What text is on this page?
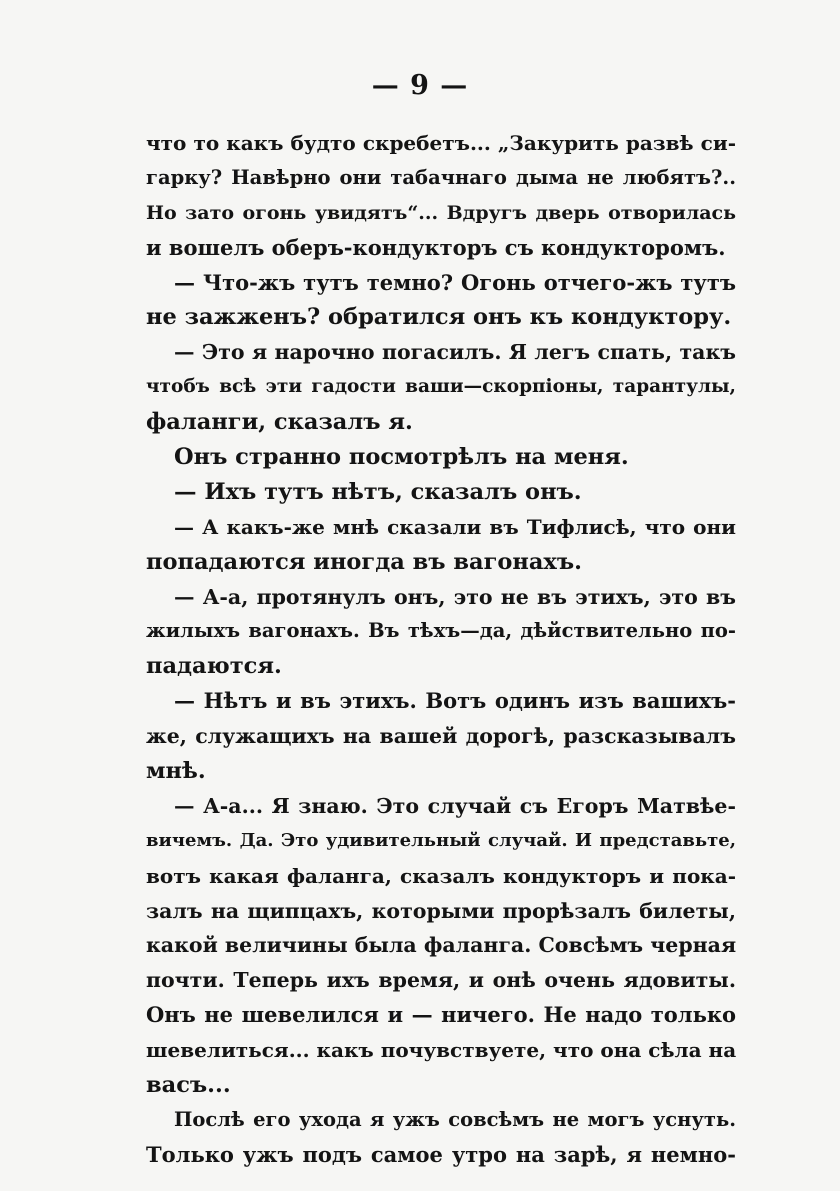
— 9 —
что то какъ будто скребетъ... „Закурить развѣ си-
гарку? Навѣрно они табачнаго дыма не любятъ?..
Но зато огонь увидятъ“... Вдругъ дверь отворилась
и вошелъ оберъ-кондукторъ съ кондукторомъ.
— Что-жъ тутъ темно? Огонь отчего-жъ тутъ
не зажженъ? обратился онъ къ кондуктору.
— Это я нарочно погасилъ. Я легъ спать, такъ
чтобъ всѣ эти гадости ваши—скорпіоны, тарантулы,
фаланги, сказалъ я.
Онъ странно посмотрѣлъ на меня.
— Ихъ тутъ нѣтъ, сказалъ онъ.
— А какъ-же мнѣ сказали въ Тифлисѣ, что они
попадаются иногда въ вагонахъ.
— А-а, протянулъ онъ, это не въ этихъ, это въ
жилыхъ вагонахъ. Въ тѣхъ—да, дѣйствительно по-
падаются.
— Нѣтъ и въ этихъ. Вотъ одинъ изъ вашихъ-
же, служащихъ на вашей дорогѣ, разсказывалъ
мнѣ.
— А-а... Я знаю. Это случай съ Егоръ Матвѣе-
вичемъ. Да. Это удивительный случай. И представьте,
вотъ какая фаланга, сказалъ кондукторъ и пока-
залъ на щипцахъ, которыми прорѣзалъ билеты,
какой величины была фаланга. Совсѣмъ черная
почти. Теперь ихъ время, и онѣ очень ядовиты.
Онъ не шевелился и — ничего. Не надо только
шевелиться... какъ почувствуете, что она сѣла на
васъ...
Послѣ его ухода я ужъ совсѣмъ не могъ уснуть.
Только ужъ подъ самое утро на зарѣ, я немно-
